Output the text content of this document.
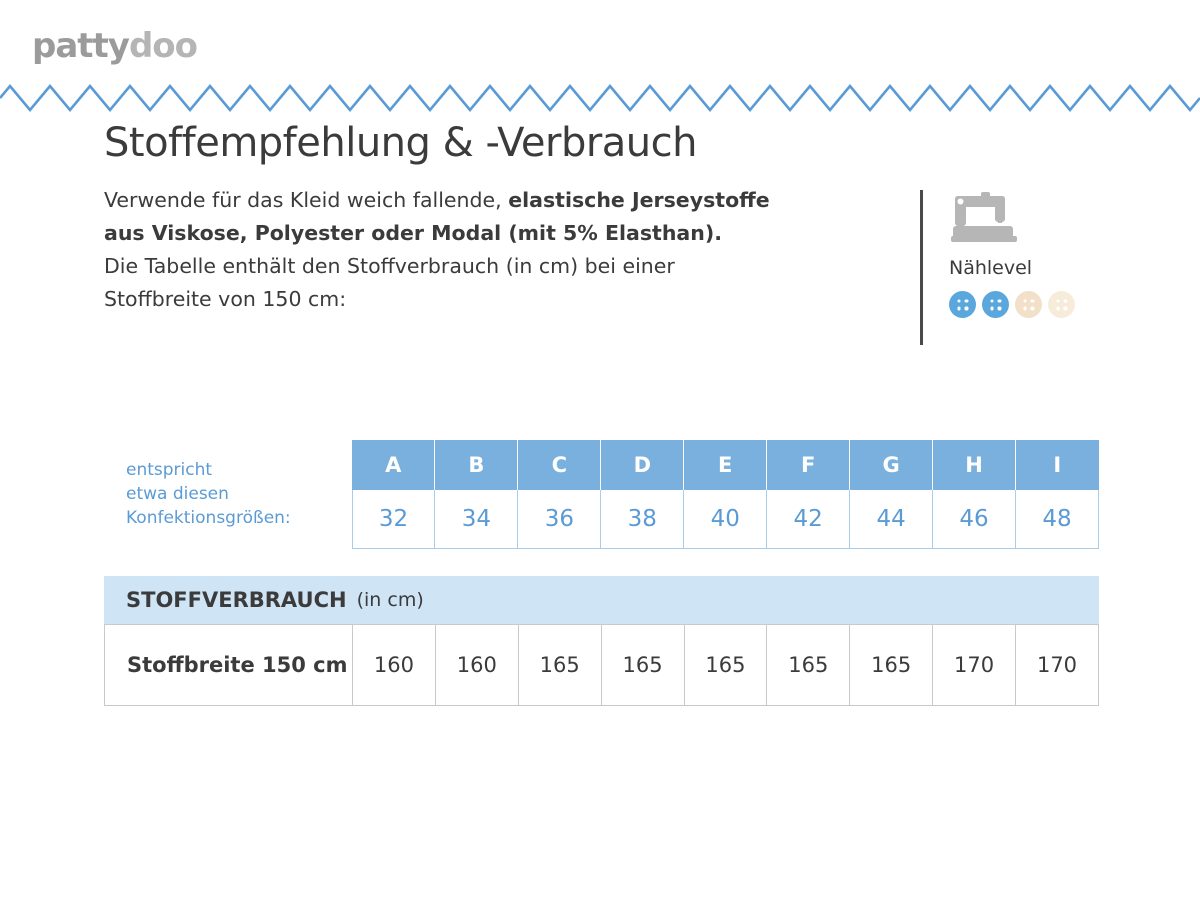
pattydoo
Stoffempfehlung & -Verbrauch
Verwende für das Kleid weich fallende, elastische Jerseystoffe
aus Viskose, Polyester oder Modal (mit 5% Elasthan).
Die Tabelle enthält den Stoffverbrauch (in cm) bei einer
Stoffbreite von 150 cm:
Nählevel
entspricht
etwa diesen
Konfektionsgrößen:	A	B	C	D	E	F	G	H	I
	32	34	36	38	40	42	44	46	48
STOFFVERBRAUCH (in cm)
Stoffbreite 150 cm	160	160	165	165	165	165	165	170	170
